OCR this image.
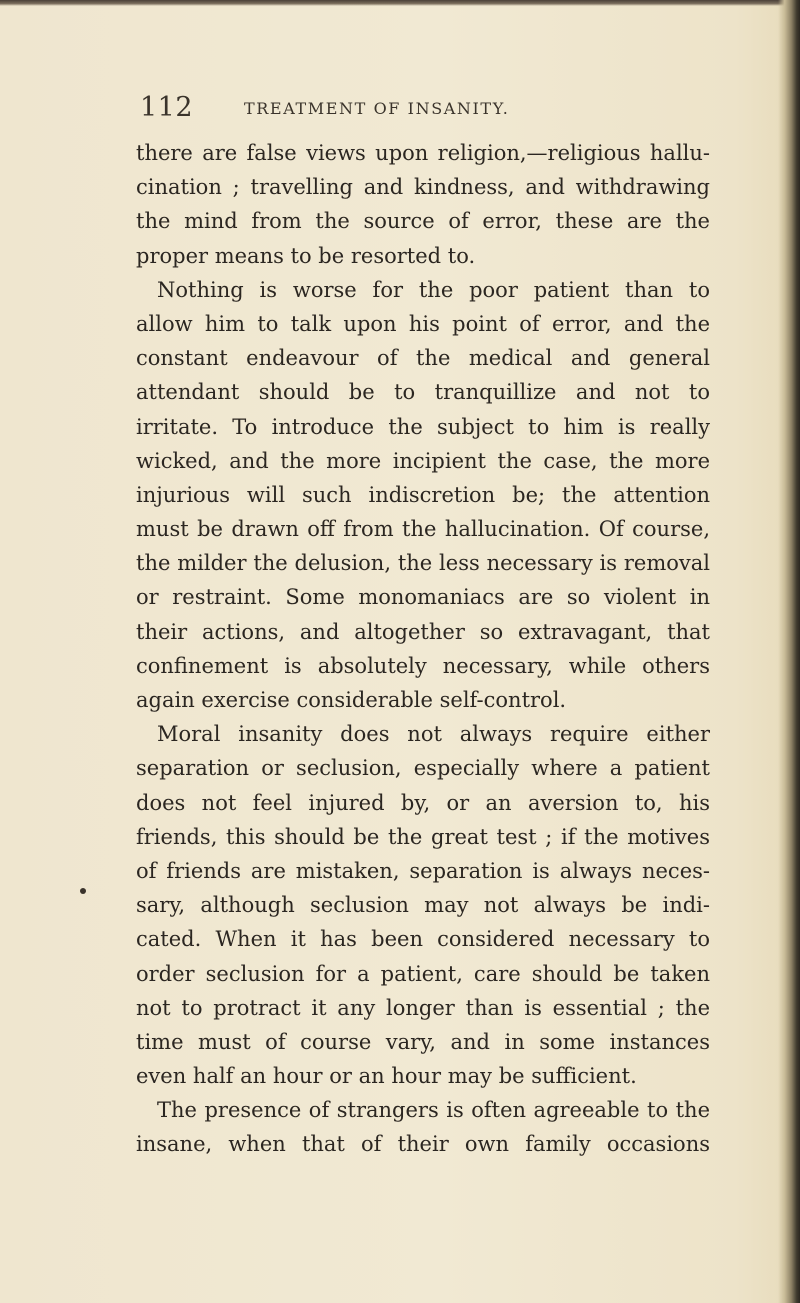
112	TREATMENT OF INSANITY.
there are false views upon religion,—religious hallu-
cination ; travelling and kindness, and withdrawing
the mind from the source of error, these are the
proper means to be resorted to.
Nothing is worse for the poor patient than to
allow him to talk upon his point of error, and the
constant endeavour of the medical and general
attendant should be to tranquillize and not to
irritate. To introduce the subject to him is really
wicked, and the more incipient the case, the more
injurious will such indiscretion be; the attention
must be drawn off from the hallucination. Of course,
the milder the delusion, the less necessary is removal
or restraint. Some monomaniacs are so violent in
their actions, and altogether so extravagant, that
confinement is absolutely necessary, while others
again exercise considerable self-control.
Moral insanity does not always require either
separation or seclusion, especially where a patient
does not feel injured by, or an aversion to, his
friends, this should be the great test ; if the motives
of friends are mistaken, separation is always neces-
sary, although seclusion may not always be indi-
cated. When it has been considered necessary to
order seclusion for a patient, care should be taken
not to protract it any longer than is essential ; the
time must of course vary, and in some instances
even half an hour or an hour may be sufficient.
The presence of strangers is often agreeable to the
insane, when that of their own family occasions
